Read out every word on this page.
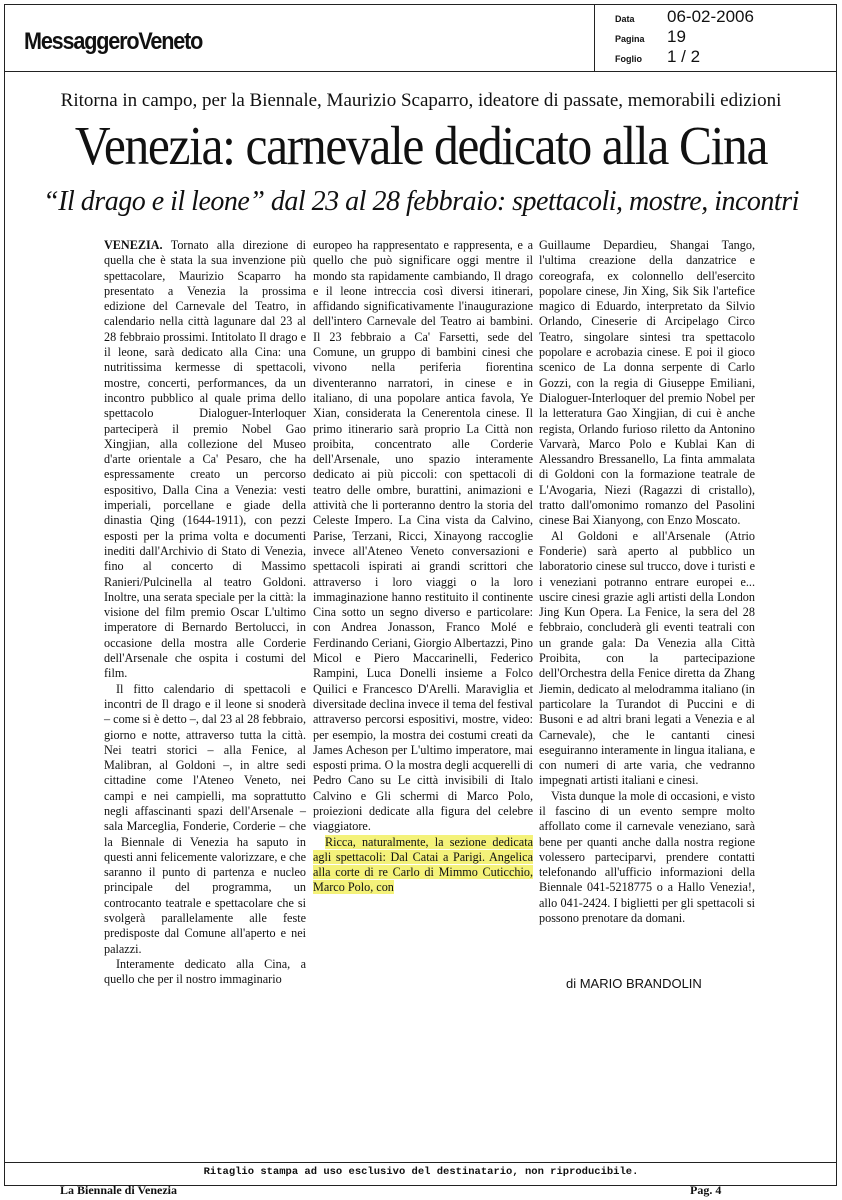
MessaggeroVeneto
Data	06-02-2006
Pagina	19
Foglio	1 / 2
Ritorna in campo, per la Biennale, Maurizio Scaparro, ideatore di passate, memorabili edizioni
Venezia: carnevale dedicato alla Cina
“Il drago e il leone” dal 23 al 28 febbraio: spettacoli, mostre, incontri

VENEZIA. Tornato alla direzione di quella che è stata la sua invenzione più spettacolare, Maurizio Scaparro ha presentato a Venezia la prossima edizione del Carnevale del Teatro, in calendario nella città lagunare dal 23 al 28 febbraio prossimi. Intitolato Il drago e il leone, sarà dedicato alla Cina: una nutritissima kermesse di spettacoli, mostre, concerti, performances, da un incontro pubblico al quale prima dello spettacolo Dialoguer-Interloquer parteciperà il premio Nobel Gao Xingjian, alla collezione del Museo d'arte orientale a Ca' Pesaro, che ha espressamente creato un percorso espositivo, Dalla Cina a Venezia: vesti imperiali, porcellane e giade della dinastia Qing (1644-1911), con pezzi esposti per la prima volta e documenti inediti dall'Archivio di Stato di Venezia, fino al concerto di Massimo Ranieri/Pulcinella al teatro Goldoni. Inoltre, una serata speciale per la città: la visione del film premio Oscar L'ultimo imperatore di Bernardo Bertolucci, in occasione della mostra alle Corderie dell'Arsenale che ospita i costumi del film.

Il fitto calendario di spettacoli e incontri de Il drago e il leone si snoderà – come si è detto –, dal 23 al 28 febbraio, giorno e notte, attraverso tutta la città. Nei teatri storici – alla Fenice, al Malibran, al Goldoni –, in altre sedi cittadine come l'Ateneo Veneto, nei campi e nei campielli, ma soprattutto negli affascinanti spazi dell'Arsenale – sala Marceglia, Fonderie, Corderie – che la Biennale di Venezia ha saputo in questi anni felicemente valorizzare, e che saranno il punto di partenza e nucleo principale del programma, un controcanto teatrale e spettacolare che si svolgerà parallelamente alle feste predisposte dal Comune all'aperto e nei palazzi.

Interamente dedicato alla Cina, a quello che per il nostro immaginario

europeo ha rappresentato e rappresenta, e a quello che può significare oggi mentre il mondo sta rapidamente cambiando, Il drago e il leone intreccia così diversi itinerari, affidando significativamente l'inaugurazione dell'intero Carnevale del Teatro ai bambini. Il 23 febbraio a Ca' Farsetti, sede del Comune, un gruppo di bambini cinesi che vivono nella periferia fiorentina diventeranno narratori, in cinese e in italiano, di una popolare antica favola, Ye Xian, considerata la Cenerentola cinese. Il primo itinerario sarà proprio La Città non proibita, concentrato alle Corderie dell'Arsenale, uno spazio interamente dedicato ai più piccoli: con spettacoli di teatro delle ombre, burattini, animazioni e attività che li porteranno dentro la storia del Celeste Impero. La Cina vista da Calvino, Parise, Terzani, Ricci, Xinayong raccoglie invece all'Ateneo Veneto conversazioni e spettacoli ispirati ai grandi scrittori che attraverso i loro viaggi o la loro immaginazione hanno restituito il continente Cina sotto un segno diverso e particolare: con Andrea Jonasson, Franco Molé e Ferdinando Ceriani, Giorgio Albertazzi, Pino Micol e Piero Maccarinelli, Federico Rampini, Luca Donelli insieme a Folco Quilici e Francesco D'Arelli. Maraviglia et diversitade declina invece il tema del festival attraverso percorsi espositivi, mostre, video: per esempio, la mostra dei costumi creati da James Acheson per L'ultimo imperatore, mai esposti prima. O la mostra degli acquerelli di Pedro Cano su Le città invisibili di Italo Calvino e Gli schermi di Marco Polo, proiezioni dedicate alla figura del celebre viaggiatore.

Ricca, naturalmente, la sezione dedicata agli spettacoli: Dal Catai a Parigi. Angelica alla corte di re Carlo di Mimmo Cuticchio, Marco Polo, con

Guillaume Depardieu, Shangai Tango, l'ultima creazione della danzatrice e coreografa, ex colonnello dell'esercito popolare cinese, Jin Xing, Sik Sik l'artefice magico di Eduardo, interpretato da Silvio Orlando, Cineserie di Arcipelago Circo Teatro, singolare sintesi tra spettacolo popolare e acrobazia cinese. E poi il gioco scenico de La donna serpente di Carlo Gozzi, con la regia di Giuseppe Emiliani, Dialoguer-Interloquer del premio Nobel per la letteratura Gao Xingjian, di cui è anche regista, Orlando furioso riletto da Antonino Varvarà, Marco Polo e Kublai Kan di Alessandro Bressanello, La finta ammalata di Goldoni con la formazione teatrale de L'Avogaria, Niezi (Ragazzi di cristallo), tratto dall'omonimo romanzo del Pasolini cinese Bai Xianyong, con Enzo Moscato.

Al Goldoni e all'Arsenale (Atrio Fonderie) sarà aperto al pubblico un laboratorio cinese sul trucco, dove i turisti e i veneziani potranno entrare europei e... uscire cinesi grazie agli artisti della London Jing Kun Opera. La Fenice, la sera del 28 febbraio, concluderà gli eventi teatrali con un grande gala: Da Venezia alla Città Proibita, con la partecipazione dell'Orchestra della Fenice diretta da Zhang Jiemin, dedicato al melodramma italiano (in particolare la Turandot di Puccini e di Busoni e ad altri brani legati a Venezia e al Carnevale), che le cantanti cinesi eseguiranno interamente in lingua italiana, e con numeri di arte varia, che vedranno impegnati artisti italiani e cinesi.

Vista dunque la mole di occasioni, e visto il fascino di un evento sempre molto affollato come il carnevale veneziano, sarà bene per quanti anche dalla nostra regione volessero parteciparvi, prendere contatti telefonando all'ufficio informazioni della Biennale 041-5218775 o a Hallo Venezia!, allo 041-2424. I biglietti per gli spettacoli si possono prenotare da domani.

di MARIO BRANDOLIN
Ritaglio stampa ad uso esclusivo del destinatario, non riproducibile.
La Biennale di Venezia	Pag. 4
